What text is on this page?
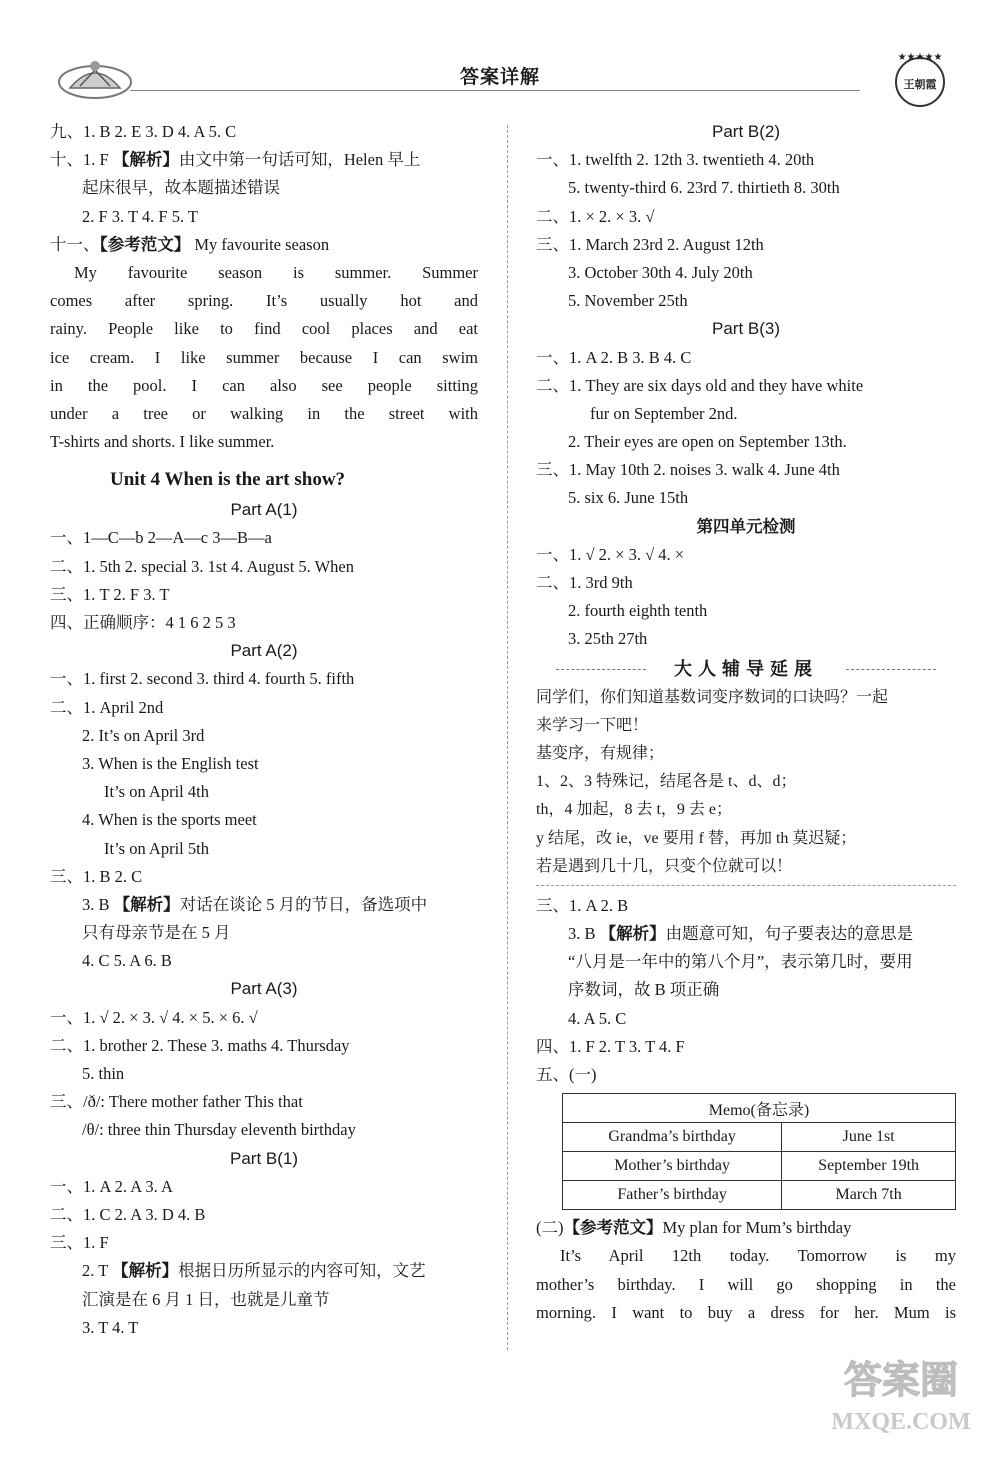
答案详解
★★★★★
王朝霞
九、1. B 2. E 3. D 4. A 5. C
十、1. F 【解析】由文中第一句话可知，Helen 早上
起床很早，故本题描述错误
2. F 3. T 4. F 5. T
十一、【参考范文】 My favourite season
My favourite season is summer. Summer
comes after spring. It’s usually hot and
rainy. People like to find cool places and eat
ice cream. I like summer because I can swim
in the pool. I can also see people sitting
under a tree or walking in the street with
T-shirts and shorts. I like summer.
Unit 4 When is the art show?
Part A(1)
一、1—C—b 2—A—c 3—B—a
二、1. 5th 2. special 3. 1st 4. August 5. When
三、1. T 2. F 3. T
四、正确顺序：4 1 6 2 5 3
Part A(2)
一、1. first 2. second 3. third 4. fourth 5. fifth
二、1. April 2nd
2. It’s on April 3rd
3. When is the English test
It’s on April 4th
4. When is the sports meet
It’s on April 5th
三、1. B 2. C
3. B 【解析】对话在谈论 5 月的节日，备选项中
只有母亲节是在 5 月
4. C 5. A 6. B
Part A(3)
一、1. √ 2. × 3. √ 4. × 5. × 6. √
二、1. brother 2. These 3. maths 4. Thursday
5. thin
三、/ð/: There mother father This that
/θ/: three thin Thursday eleventh birthday
Part B(1)
一、1. A 2. A 3. A
二、1. C 2. A 3. D 4. B
三、1. F
2. T 【解析】根据日历所显示的内容可知，文艺
汇演是在 6 月 1 日，也就是儿童节
3. T 4. T
Part B(2)
一、1. twelfth 2. 12th 3. twentieth 4. 20th
5. twenty-third 6. 23rd 7. thirtieth 8. 30th
二、1. × 2. × 3. √
三、1. March 23rd 2. August 12th
3. October 30th 4. July 20th
5. November 25th
Part B(3)
一、1. A 2. B 3. B 4. C
二、1. They are six days old and they have white
fur on September 2nd.
2. Their eyes are open on September 13th.
三、1. May 10th 2. noises 3. walk 4. June 4th
5. six 6. June 15th
第四单元检测
一、1. √ 2. × 3. √ 4. ×
二、1. 3rd 9th
2. fourth eighth tenth
3. 25th 27th
大人辅导延展
同学们，你们知道基数词变序数词的口诀吗？一起
来学习一下吧！
基变序，有规律；
1、2、3 特殊记，结尾各是 t、d、d；
th，4 加起，8 去 t，9 去 e；
y 结尾，改 ie，ve 要用 f 替，再加 th 莫迟疑；
若是遇到几十几，只变个位就可以！
三、1. A 2. B
3. B 【解析】由题意可知，句子要表达的意思是
“八月是一年中的第八个月”，表示第几时，要用
序数词，故 B 项正确
4. A 5. C
四、1. F 2. T 3. T 4. F
五、(一)
Memo(备忘录)	
Grandma’s birthday	June 1st
Mother’s birthday	September 19th
Father’s birthday	March 7th
(二)【参考范文】My plan for Mum’s birthday
It’s April 12th today. Tomorrow is my
mother’s birthday. I will go shopping in the
morning. I want to buy a dress for her. Mum is
答案圈
MXQE.COM
